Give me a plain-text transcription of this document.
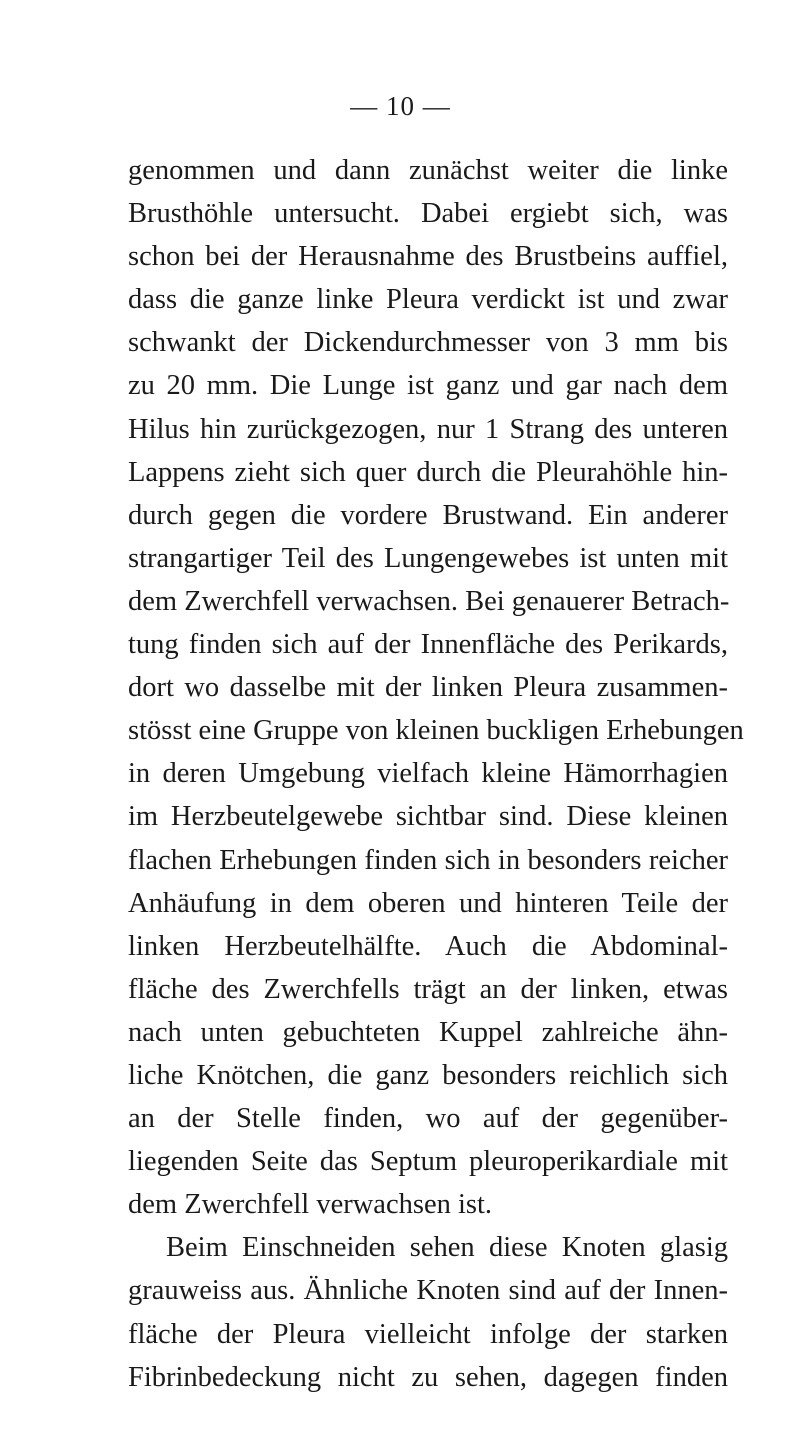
— 10 —
genommen und dann zunächst weiter die linke
Brusthöhle untersucht. Dabei ergiebt sich, was
schon bei der Herausnahme des Brustbeins auffiel,
dass die ganze linke Pleura verdickt ist und zwar
schwankt der Dickendurchmesser von 3 mm bis
zu 20 mm. Die Lunge ist ganz und gar nach dem
Hilus hin zurückgezogen, nur 1 Strang des unteren
Lappens zieht sich quer durch die Pleurahöhle hin-
durch gegen die vordere Brustwand. Ein anderer
strangartiger Teil des Lungengewebes ist unten mit
dem Zwerchfell verwachsen. Bei genauerer Betrach-
tung finden sich auf der Innenfläche des Perikards,
dort wo dasselbe mit der linken Pleura zusammen-
stösst eine Gruppe von kleinen buckligen Erhebungen
in deren Umgebung vielfach kleine Hämorrhagien
im Herzbeutelgewebe sichtbar sind. Diese kleinen
flachen Erhebungen finden sich in besonders reicher
Anhäufung in dem oberen und hinteren Teile der
linken Herzbeutelhälfte. Auch die Abdominal-
fläche des Zwerchfells trägt an der linken, etwas
nach unten gebuchteten Kuppel zahlreiche ähn-
liche Knötchen, die ganz besonders reichlich sich
an der Stelle finden, wo auf der gegenüber-
liegenden Seite das Septum pleuroperikardiale mit
dem Zwerchfell verwachsen ist.
Beim Einschneiden sehen diese Knoten glasig
grauweiss aus. Ähnliche Knoten sind auf der Innen-
fläche der Pleura vielleicht infolge der starken
Fibrinbedeckung nicht zu sehen, dagegen finden
